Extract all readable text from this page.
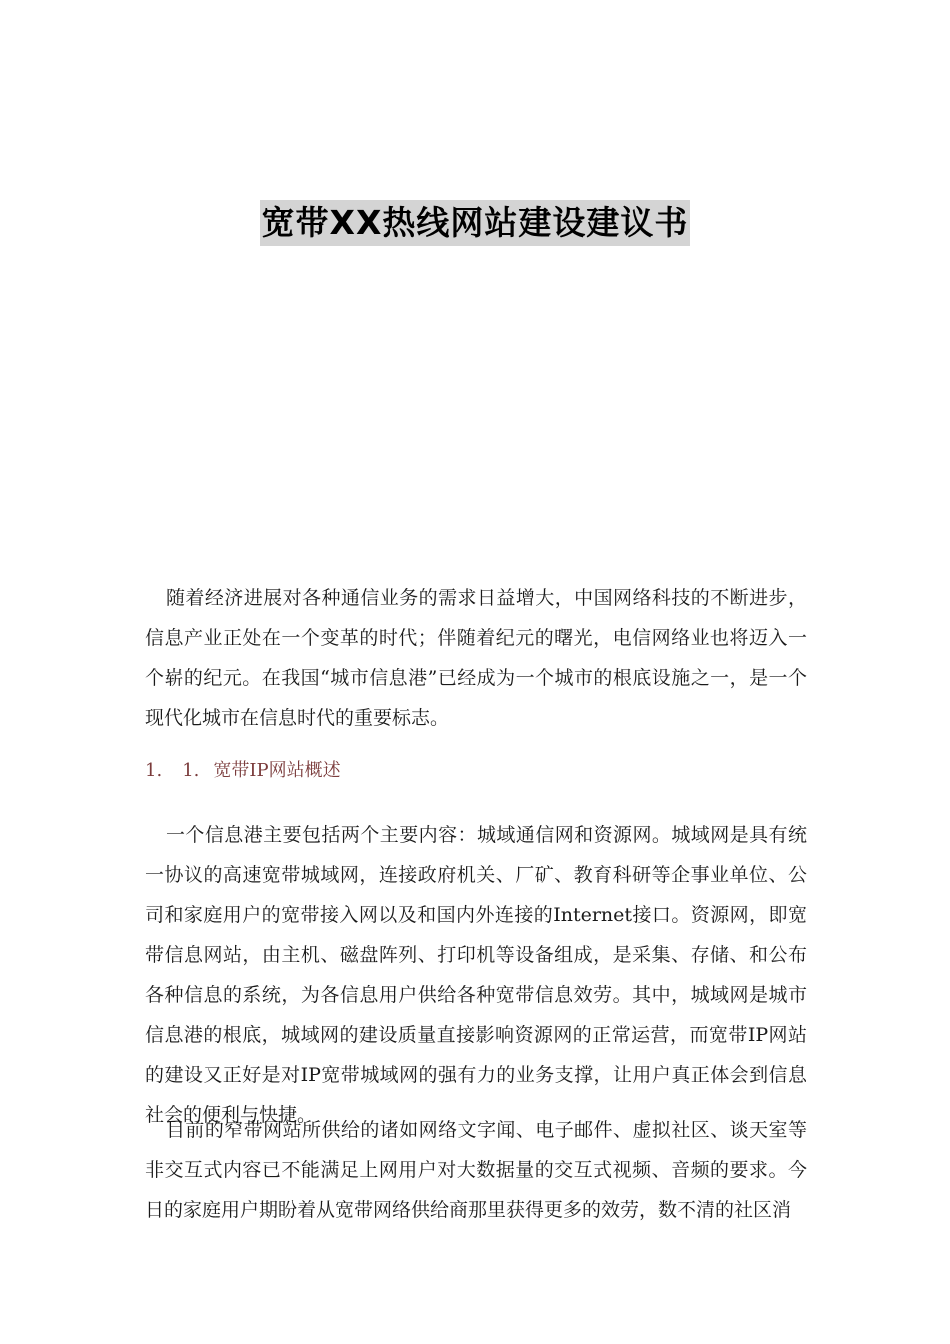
宽带XX热线网站建设建议书

随着经济进展对各种通信业务的需求日益增大，中国网络科技的不断进步，信息产业正处在一个变革的时代；伴随着纪元的曙光，电信网络业也将迈入一个崭的纪元。在我国“城市信息港”已经成为一个城市的根底设施之一，是一个现代化城市在信息时代的重要标志。

1. 1. 宽带IP网站概述

一个信息港主要包括两个主要内容：城域通信网和资源网。城域网是具有统一协议的高速宽带城域网，连接政府机关、厂矿、教育科研等企事业单位、公司和家庭用户的宽带接入网以及和国内外连接的Internet接口。资源网，即宽带信息网站，由主机、磁盘阵列、打印机等设备组成，是采集、存储、和公布各种信息的系统，为各信息用户供给各种宽带信息效劳。其中，城域网是城市信息港的根底，城域网的建设质量直接影响资源网的正常运营，而宽带IP网站的建设又正好是对IP宽带城域网的强有力的业务支撑，让用户真正体会到信息社会的便利与快捷。

目前的窄带网站所供给的诸如网络文字闻、电子邮件、虚拟社区、谈天室等非交互式内容已不能满足上网用户对大数据量的交互式视频、音频的要求。今日的家庭用户期盼着从宽带网络供给商那里获得更多的效劳，数不清的社区消
